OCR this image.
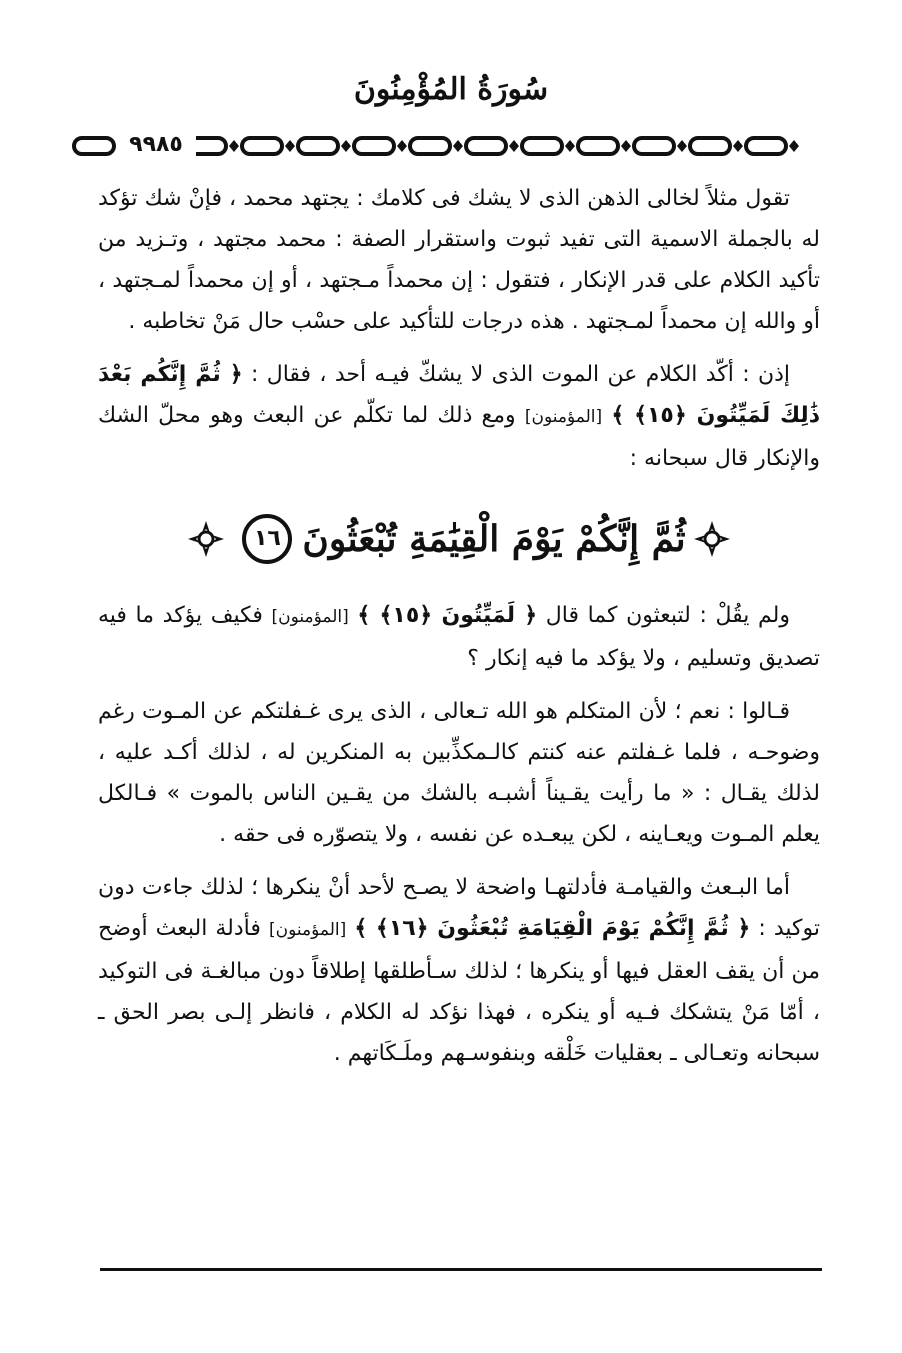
سُورَةُ المُؤْمِنُونَ
٩٩٨٥

تقول مثلاً لخالى الذهن الذى لا يشك فى كلامك : يجتهد محمد ، فإنْ شك تؤكد له بالجملة الاسمية التى تفيد ثبوت واستقرار الصفة : محمد مجتهد ، وتـزيد من تأكيد الكلام على قدر الإنكار ، فتقول : إن محمداً مـجتهد ، أو إن محمداً لمـجتهد ، أو والله إن محمداً لمـجتهد . هذه درجات للتأكيد على حسْب حال مَنْ تخاطبه .

إذن : أكّد الكلام عن الموت الذى لا يشكّ فيـه أحد ، فقال : ﴿ ثُمَّ إِنَّكُم بَعْدَ ذَٰلِكَ لَمَيِّتُونَ ﴿١٥﴾ ﴾ [المؤمنون] ومع ذلك لما تكلّم عن البعث وهو محلّ الشك والإنكار قال سبحانه :

ثُمَّ إِنَّكُمْ يَوْمَ الْقِيَٰمَةِ تُبْعَثُونَ
١٦

ولم يقُلْ : لتبعثون كما قال ﴿ لَمَيِّتُونَ ﴿١٥﴾ ﴾ [المؤمنون] فكيف يؤكد ما فيه تصديق وتسليم ، ولا يؤكد ما فيه إنكار ؟

قـالوا : نعم ؛ لأن المتكلم هو الله تـعالى ، الذى يرى غـفلتكم عن المـوت رغم وضوحـه ، فلما غـفلتم عنه كنتم كالـمكذِّبين به المنكرين له ، لذلك أكـد عليه ، لذلك يقـال : « ما رأيت يقـيناً أشبـه بالشك من يقـين الناس بالموت » فـالكل يعلم المـوت ويعـاينه ، لكن يبعـده عن نفسه ، ولا يتصوّره فى حقه .

أما البـعث والقيامـة فأدلتهـا واضحة لا يصـح لأحد أنْ ينكرها ؛ لذلك جاءت دون توكيد : ﴿ ثُمَّ إِنَّكُمْ يَوْمَ الْقِيَامَةِ تُبْعَثُونَ ﴿١٦﴾ ﴾ [المؤمنون] فأدلة البعث أوضح من أن يقف العقل فيها أو ينكرها ؛ لذلك سـأطلقها إطلاقاً دون مبالغـة فى التوكيد ، أمّا مَنْ يتشكك فـيه أو ينكره ، فهذا نؤكد له الكلام ، فانظر إلـى بصر الحق ـ سبحانه وتعـالى ـ بعقليات خَلْقه وبنفوسـهم وملَـكَاتهم .
